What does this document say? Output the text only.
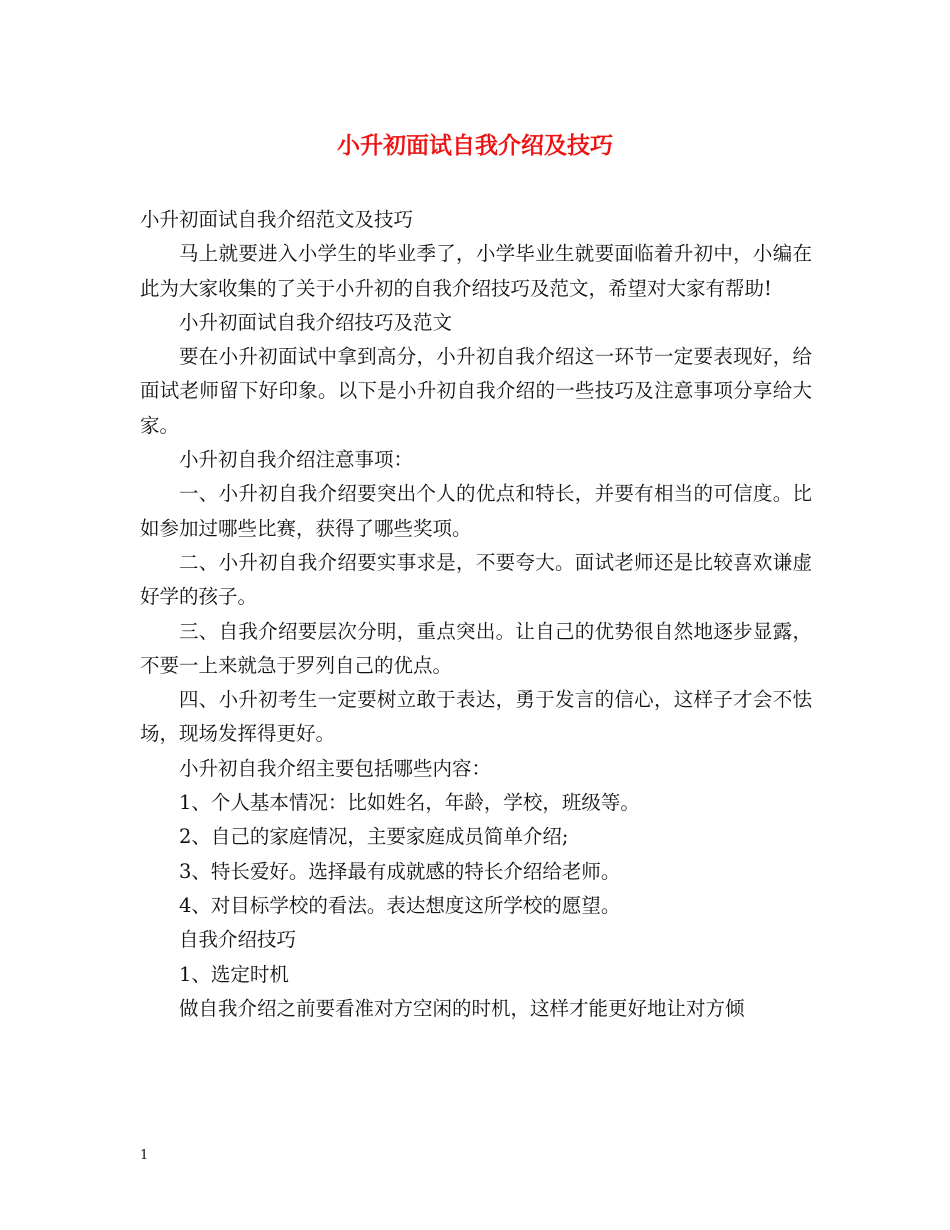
小升初面试自我介绍及技巧

小升初面试自我介绍范文及技巧

马上就要进入小学生的毕业季了，小学毕业生就要面临着升初中，小编在此为大家收集的了关于小升初的自我介绍技巧及范文，希望对大家有帮助!

小升初面试自我介绍技巧及范文

要在小升初面试中拿到高分，小升初自我介绍这一环节一定要表现好，给面试老师留下好印象。以下是小升初自我介绍的一些技巧及注意事项分享给大家。

小升初自我介绍注意事项：

一、小升初自我介绍要突出个人的优点和特长，并要有相当的可信度。比如参加过哪些比赛，获得了哪些奖项。

二、小升初自我介绍要实事求是，不要夸大。面试老师还是比较喜欢谦虚好学的孩子。

三、自我介绍要层次分明，重点突出。让自己的优势很自然地逐步显露，不要一上来就急于罗列自己的优点。

四、小升初考生一定要树立敢于表达，勇于发言的信心，这样子才会不怯场，现场发挥得更好。

小升初自我介绍主要包括哪些内容：

1、个人基本情况：比如姓名，年龄，学校，班级等。

2、自己的家庭情况，主要家庭成员简单介绍;

3、特长爱好。选择最有成就感的特长介绍给老师。

4、对目标学校的看法。表达想度这所学校的愿望。

自我介绍技巧

1、选定时机

做自我介绍之前要看准对方空闲的时机，这样才能更好地让对方倾

1
